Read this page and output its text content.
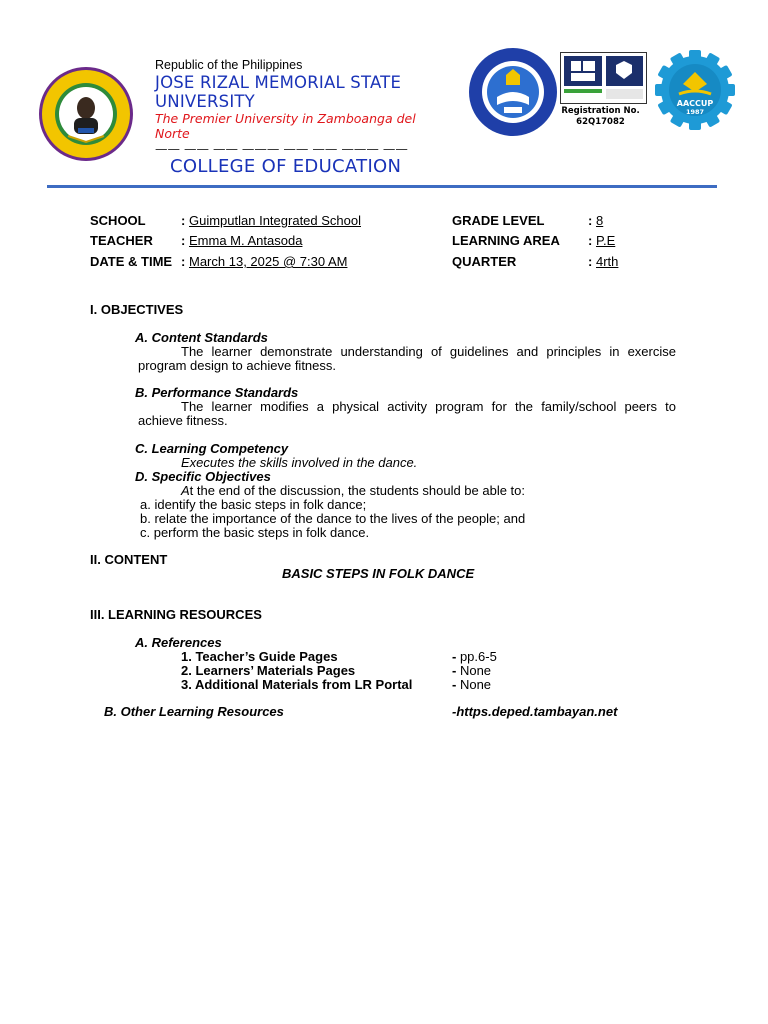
Republic of the Philippines
JOSE RIZAL MEMORIAL STATE
UNIVERSITY
The Premier University in Zamboanga del
Norte
—— —— —— ——— —— —— ——— ——
Registration No.
62Q17082
AACCUP
1987
COLLEGE OF EDUCATION
SCHOOL	: Guimputlan Integrated School
TEACHER : Emma M. Antasoda
DATE & TIME : March 13, 2025 @ 7:30 AM
GRADE LEVEL	: 8
LEARNING AREA : P.E
QUARTER	: 4rth
I. OBJECTIVES
A. Content Standards
The learner demonstrate understanding of guidelines and principles in exercise
program design to achieve fitness.
B. Performance Standards
The learner modifies a physical activity program for the family/school peers to
achieve fitness.
C. Learning Competency
Executes the skills involved in the dance.
D. Specific Objectives
At the end of the discussion, the students should be able to:
a. identify the basic steps in folk dance;
b. relate the importance of the dance to the lives of the people; and
c. perform the basic steps in folk dance.
II. CONTENT
BASIC STEPS IN FOLK DANCE
III. LEARNING RESOURCES
A. References
1. Teacher’s Guide Pages	- pp.6-5
2. Learners’ Materials Pages	- None
3. Additional Materials from LR Portal	- None
B. Other Learning Resources	-https.deped.tambayan.net
